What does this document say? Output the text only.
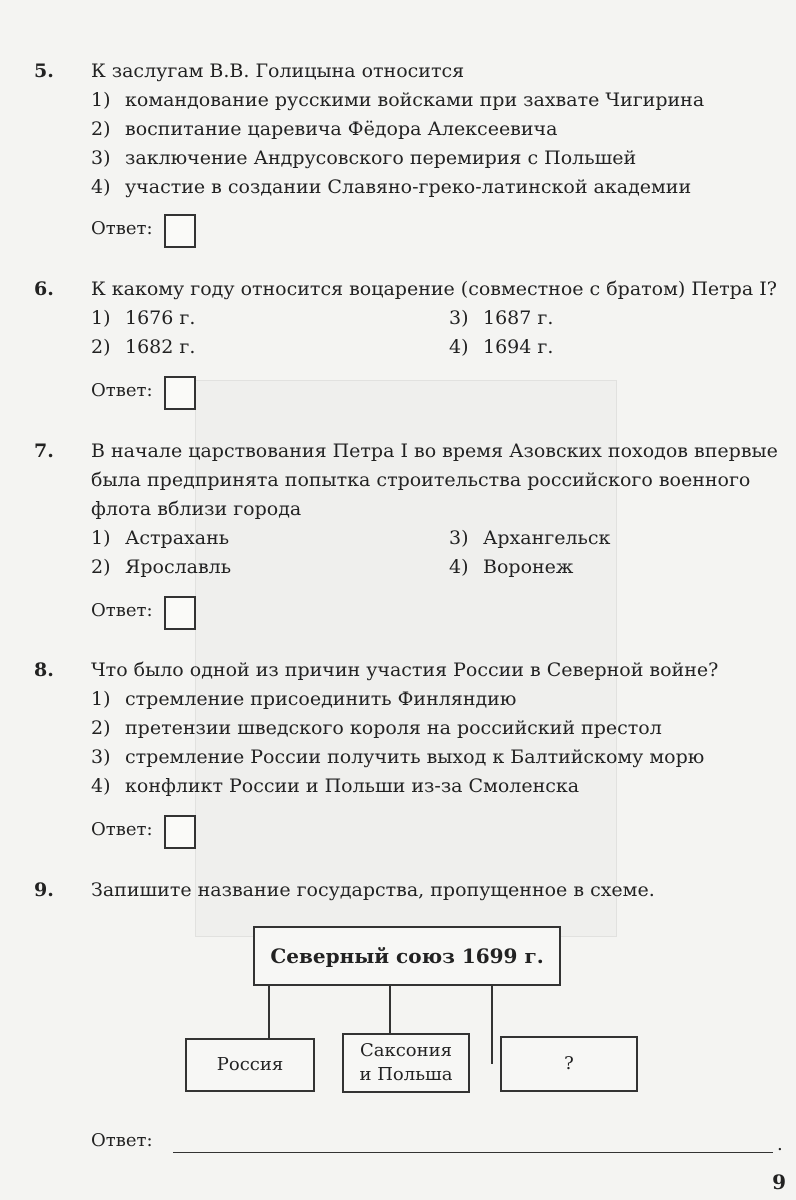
5. К заслугам В.В. Голицына относится
1) командование русскими войсками при захвате Чигирина
2) воспитание царевича Фёдора Алексеевича
3) заключение Андрусовского перемирия с Польшей
4) участие в создании Славяно-греко-латинской академии
Ответ:
6. К какому году относится воцарение (совместное с братом) Петра I?
1) 1676 г.	3) 1687 г.
2) 1682 г.	4) 1694 г.
Ответ:
7. В начале царствования Петра I во время Азовских походов впервые
была предпринята попытка строительства российского военного
флота вблизи города
1) Астрахань	3) Архангельск
2) Ярославль	4) Воронеж
Ответ:
8. Что было одной из причин участия России в Северной войне?
1) стремление присоединить Финляндию
2) претензии шведского короля на российский престол
3) стремление России получить выход к Балтийскому морю
4) конфликт России и Польши из-за Смоленска
Ответ:
9. Запишите название государства, пропущенное в схеме.
Северный союз 1699 г.
Россия
Саксония
и Польша
?
Ответ:	.
9
